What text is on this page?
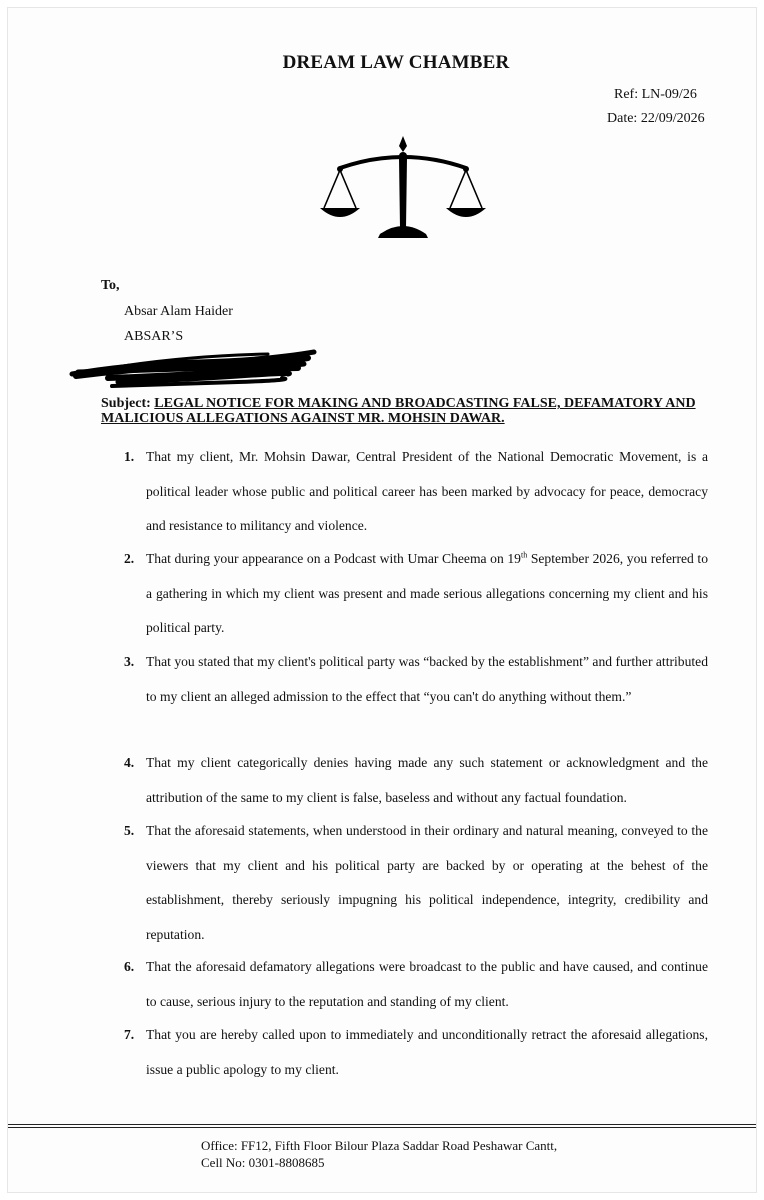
DREAM LAW CHAMBER
Ref: LN-09/26
Date: 22/09/2026
To,
Absar Alam Haider
ABSAR’S
Subject: LEGAL NOTICE FOR MAKING AND BROADCASTING FALSE, DEFAMATORY AND MALICIOUS ALLEGATIONS AGAINST MR. MOHSIN DAWAR.
1. That my client, Mr. Mohsin Dawar, Central President of the National Democratic Movement, is a political leader whose public and political career has been marked by advocacy for peace, democracy and resistance to militancy and violence.
2. That during your appearance on a Podcast with Umar Cheema on 19th September 2026, you referred to a gathering in which my client was present and made serious allegations concerning my client and his political party.
3. That you stated that my client's political party was “backed by the establishment” and further attributed to my client an alleged admission to the effect that “you can't do anything without them.”
4. That my client categorically denies having made any such statement or acknowledgment and the attribution of the same to my client is false, baseless and without any factual foundation.
5. That the aforesaid statements, when understood in their ordinary and natural meaning, conveyed to the viewers that my client and his political party are backed by or operating at the behest of the establishment, thereby seriously impugning his political independence, integrity, credibility and reputation.
6. That the aforesaid defamatory allegations were broadcast to the public and have caused, and continue to cause, serious injury to the reputation and standing of my client.
7. That you are hereby called upon to immediately and unconditionally retract the aforesaid allegations, issue a public apology to my client.
Office: FF12, Fifth Floor Bilour Plaza Saddar Road Peshawar Cantt,
Cell No: 0301-8808685
